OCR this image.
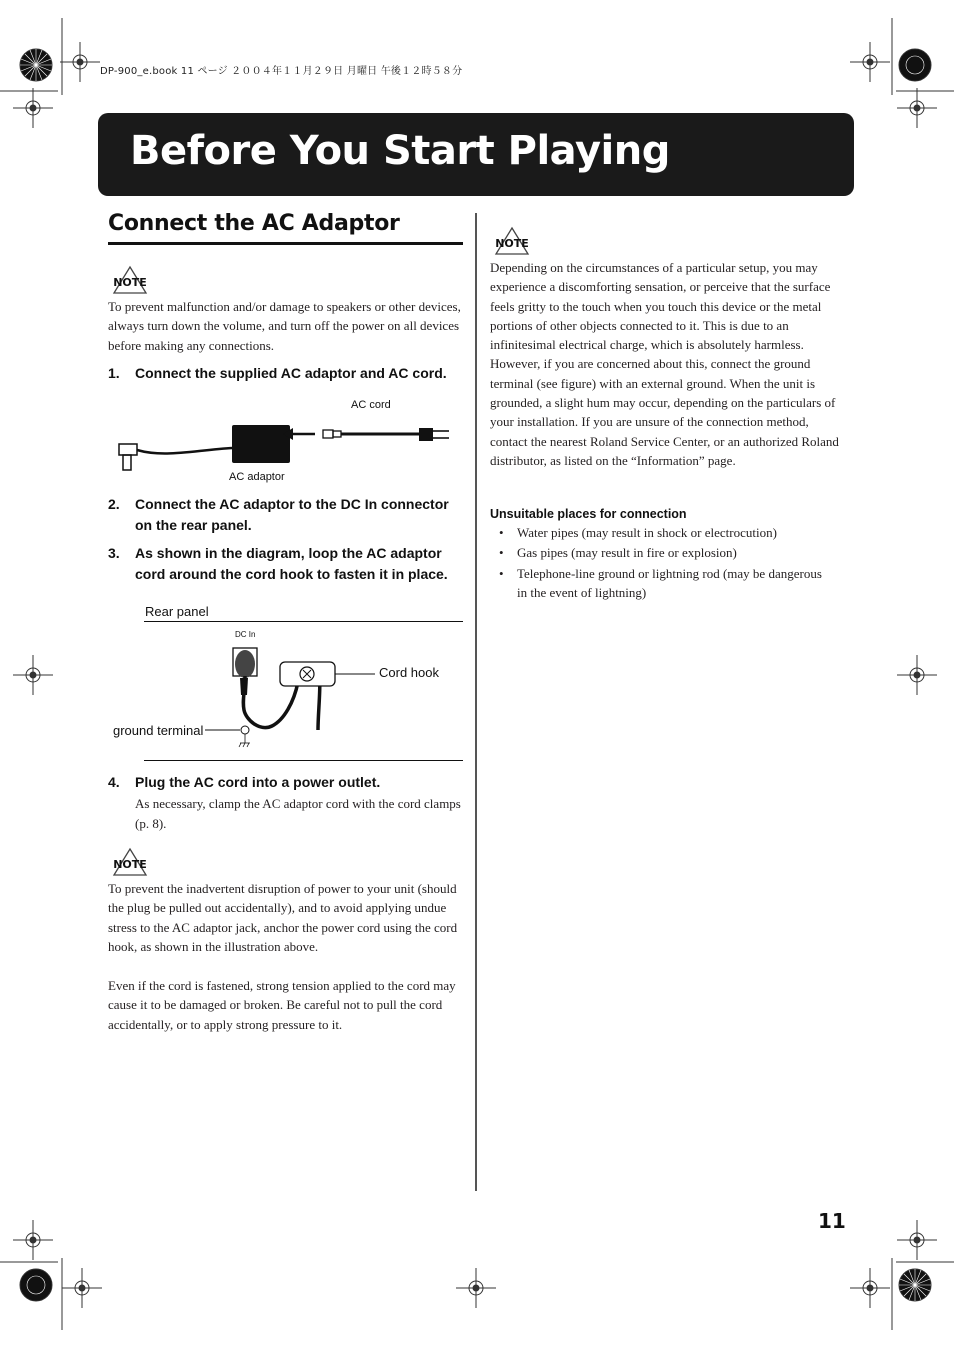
DP-900_e.book 11 ページ ２００４年１１月２９日 月曜日 午後１２時５８分
Before You Start Playing
Connect the AC Adaptor
NOTE
To prevent malfunction and/or damage to speakers or other devices, always turn down the volume, and turn off the power on all devices before making any connections.
1. Connect the supplied AC adaptor and AC cord.
AC cord
AC adaptor
2. Connect the AC adaptor to the DC In connector on the rear panel.
3. As shown in the diagram, loop the AC adaptor cord around the cord hook to fasten it in place.
Rear panel
DC In
Cord hook
ground terminal
4. Plug the AC cord into a power outlet.
As necessary, clamp the AC adaptor cord with the cord clamps (p. 8).
NOTE
To prevent the inadvertent disruption of power to your unit (should the plug be pulled out accidentally), and to avoid applying undue stress to the AC adaptor jack, anchor the power cord using the cord hook, as shown in the illustration above.
Even if the cord is fastened, strong tension applied to the cord may cause it to be damaged or broken. Be careful not to pull the cord accidentally, or to apply strong pressure to it.
NOTE
Depending on the circumstances of a particular setup, you may experience a discomforting sensation, or perceive that the surface feels gritty to the touch when you touch this device or the metal portions of other objects connected to it. This is due to an infinitesimal electrical charge, which is absolutely harmless. However, if you are concerned about this, connect the ground terminal (see figure) with an external ground. When the unit is grounded, a slight hum may occur, depending on the particulars of your installation. If you are unsure of the connection method, contact the nearest Roland Service Center, or an authorized Roland distributor, as listed on the “Information” page.
Unsuitable places for connection
• Water pipes (may result in shock or electrocution)
• Gas pipes (may result in fire or explosion)
• Telephone-line ground or lightning rod (may be dangerous in the event of lightning)
11
